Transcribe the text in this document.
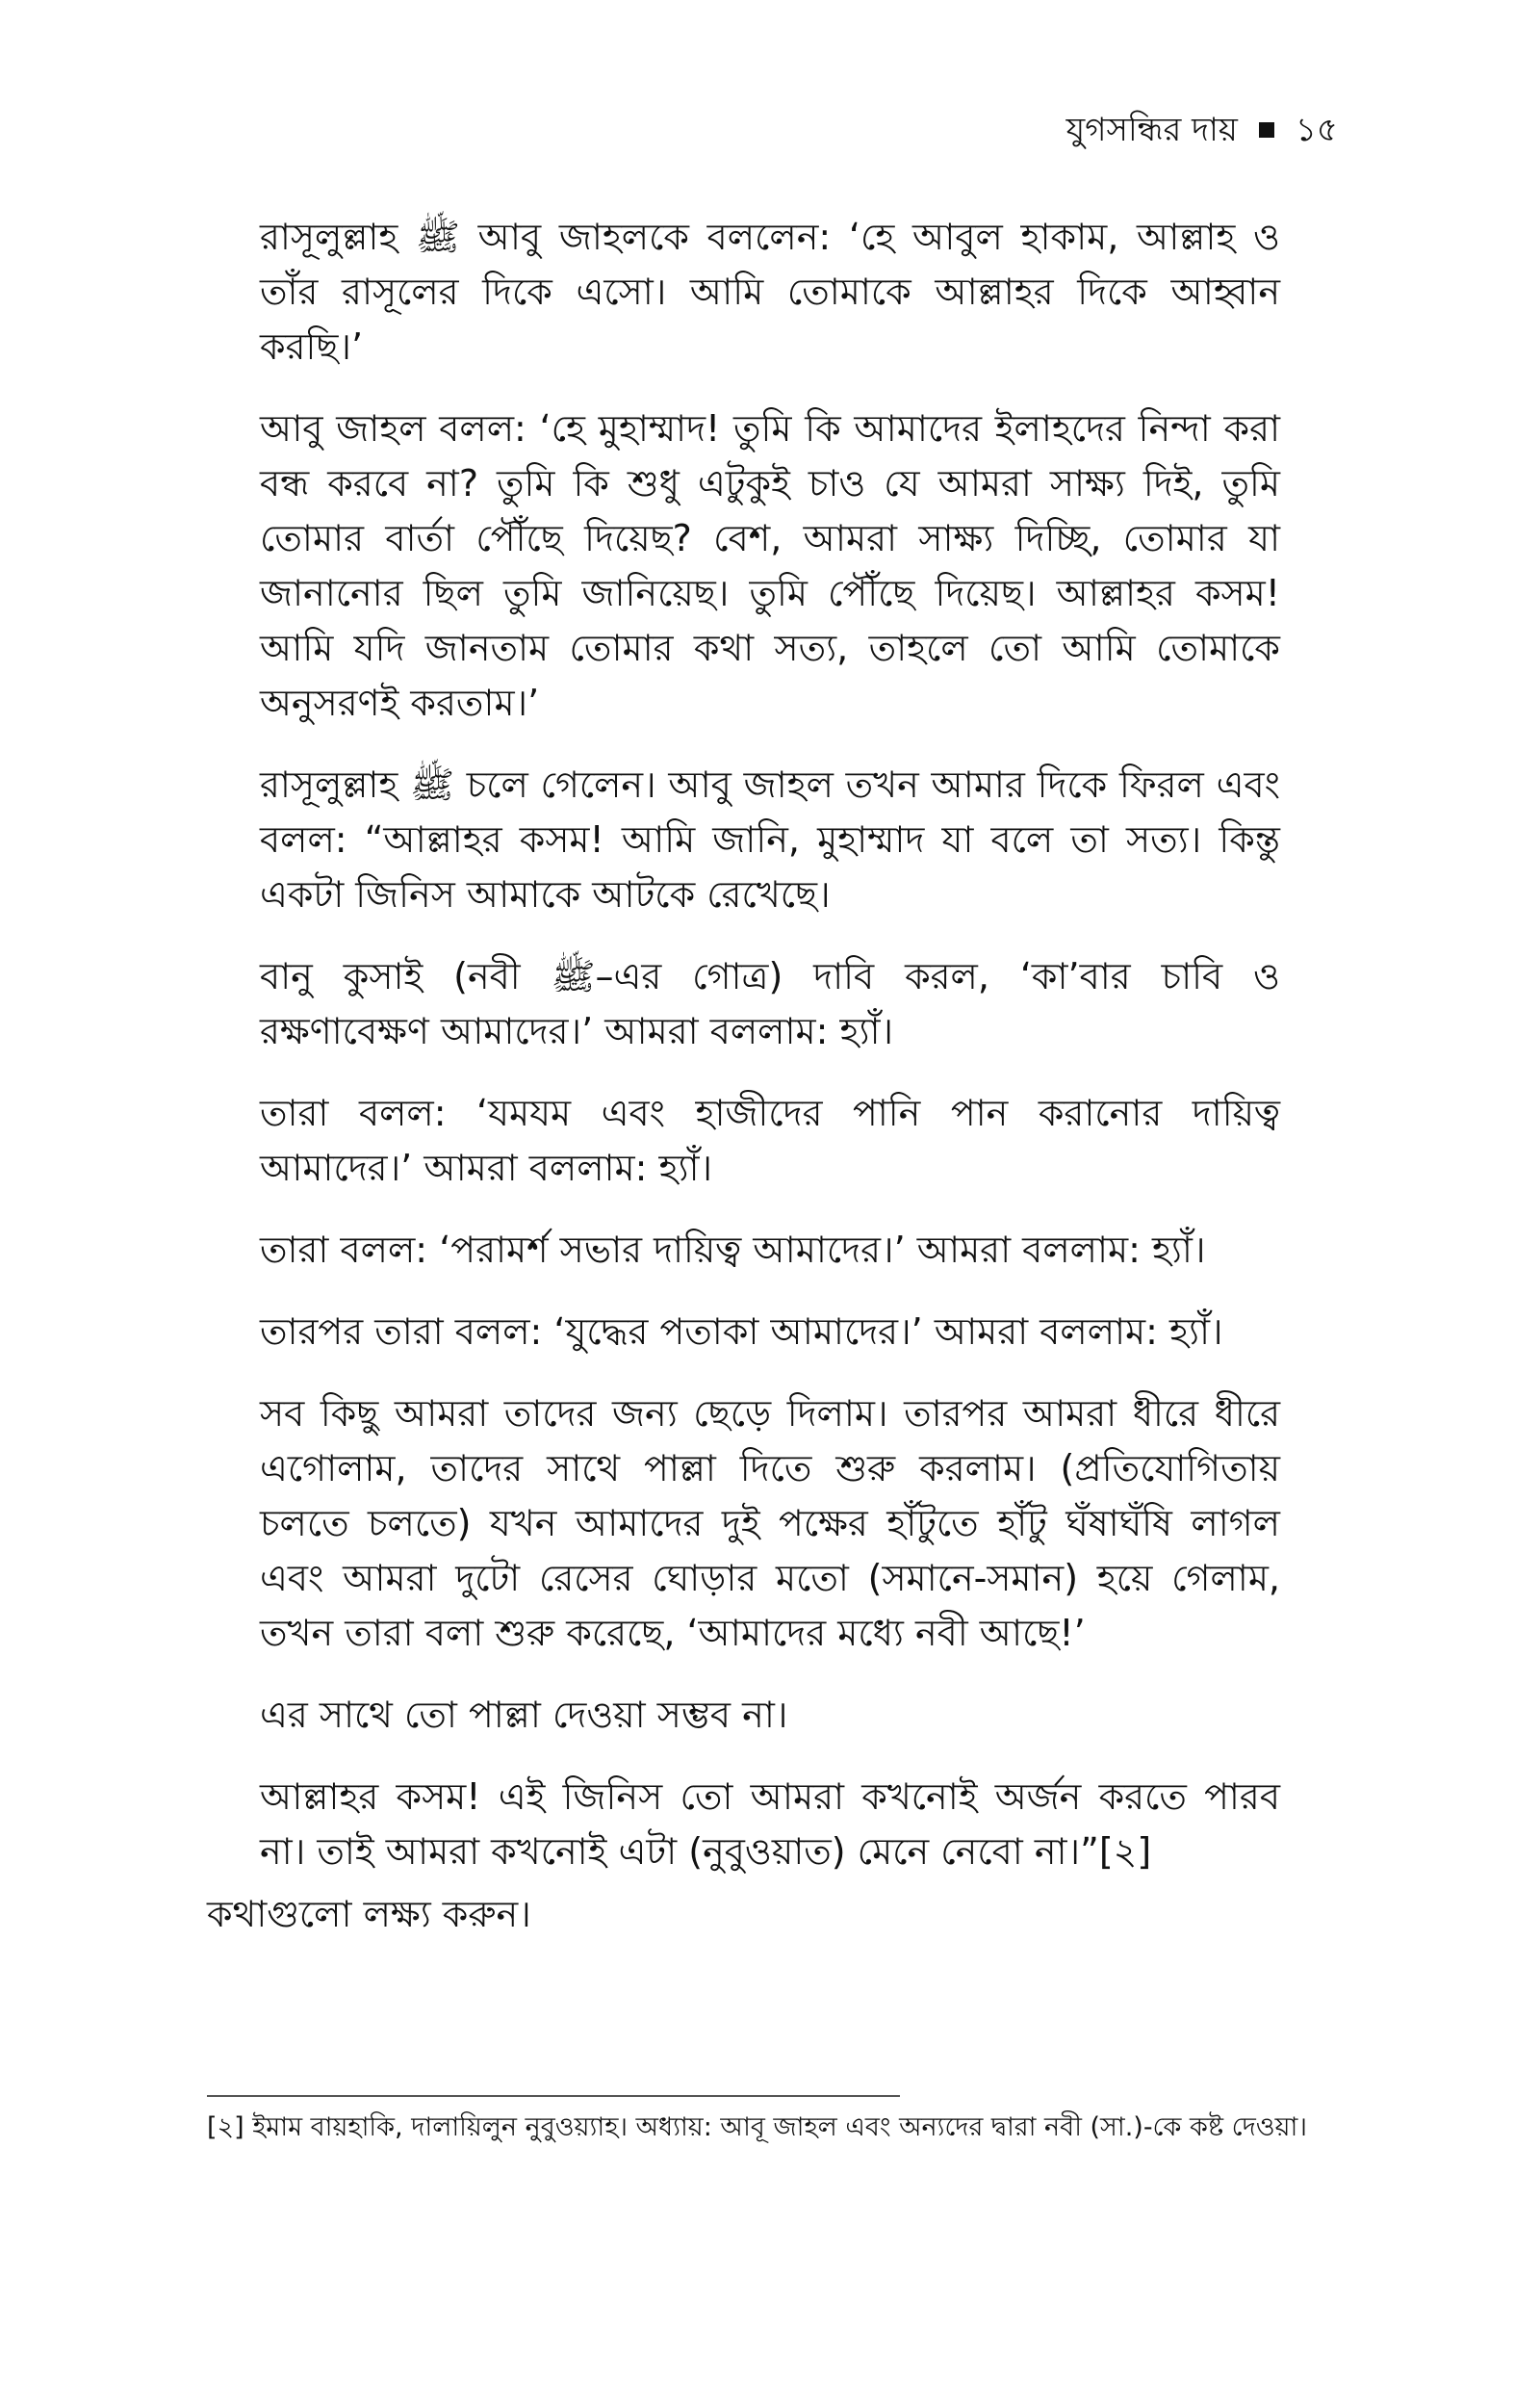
যুগসন্ধির দায় ১৫

রাসূলুল্লাহ ﷺ আবু জাহলকে বললেন: ‘হে আবুল হাকাম, আল্লাহ ও তাঁর রাসূলের দিকে এসো। আমি তোমাকে আল্লাহর দিকে আহ্বান করছি।’

আবু জাহল বলল: ‘হে মুহাম্মাদ! তুমি কি আমাদের ইলাহদের নিন্দা করা বন্ধ করবে না? তুমি কি শুধু এটুকুই চাও যে আমরা সাক্ষ্য দিই, তুমি তোমার বার্তা পৌঁছে দিয়েছ? বেশ, আমরা সাক্ষ্য দিচ্ছি, তোমার যা জানানোর ছিল তুমি জানিয়েছ। তুমি পৌঁছে দিয়েছ। আল্লাহর কসম! আমি যদি জানতাম তোমার কথা সত্য, তাহলে তো আমি তোমাকে অনুসরণই করতাম।’

রাসূলুল্লাহ ﷺ চলে গেলেন। আবু জাহল তখন আমার দিকে ফিরল এবং বলল: “আল্লাহর কসম! আমি জানি, মুহাম্মাদ যা বলে তা সত্য। কিন্তু একটা জিনিস আমাকে আটকে রেখেছে।

বানু কুসাই (নবী ﷺ–এর গোত্র) দাবি করল, ‘কা’বার চাবি ও রক্ষণাবেক্ষণ আমাদের।’ আমরা বললাম: হ্যাঁ।

তারা বলল: ‘যমযম এবং হাজীদের পানি পান করানোর দায়িত্ব আমাদের।’ আমরা বললাম: হ্যাঁ।

তারা বলল: ‘পরামর্শ সভার দায়িত্ব আমাদের।’ আমরা বললাম: হ্যাঁ।

তারপর তারা বলল: ‘যুদ্ধের পতাকা আমাদের।’ আমরা বললাম: হ্যাঁ।

সব কিছু আমরা তাদের জন্য ছেড়ে দিলাম। তারপর আমরা ধীরে ধীরে এগোলাম, তাদের সাথে পাল্লা দিতে শুরু করলাম। (প্রতিযোগিতায় চলতে চলতে) যখন আমাদের দুই পক্ষের হাঁটুতে হাঁটু ঘঁষাঘঁষি লাগল এবং আমরা দুটো রেসের ঘোড়ার মতো (সমানে-সমান) হয়ে গেলাম, তখন তারা বলা শুরু করেছে, ‘আমাদের মধ্যে নবী আছে!’

এর সাথে তো পাল্লা দেওয়া সম্ভব না।

আল্লাহর কসম! এই জিনিস তো আমরা কখনোই অর্জন করতে পারব না। তাই আমরা কখনোই এটা (নুবুওয়াত) মেনে নেবো না।”[২]

কথাগুলো লক্ষ্য করুন।

[২] ইমাম বায়হাকি, দালায়িলুন নুবুওয়্যাহ। অধ্যায়: আবূ জাহল এবং অন্যদের দ্বারা নবী (সা.)-কে কষ্ট দেওয়া।
